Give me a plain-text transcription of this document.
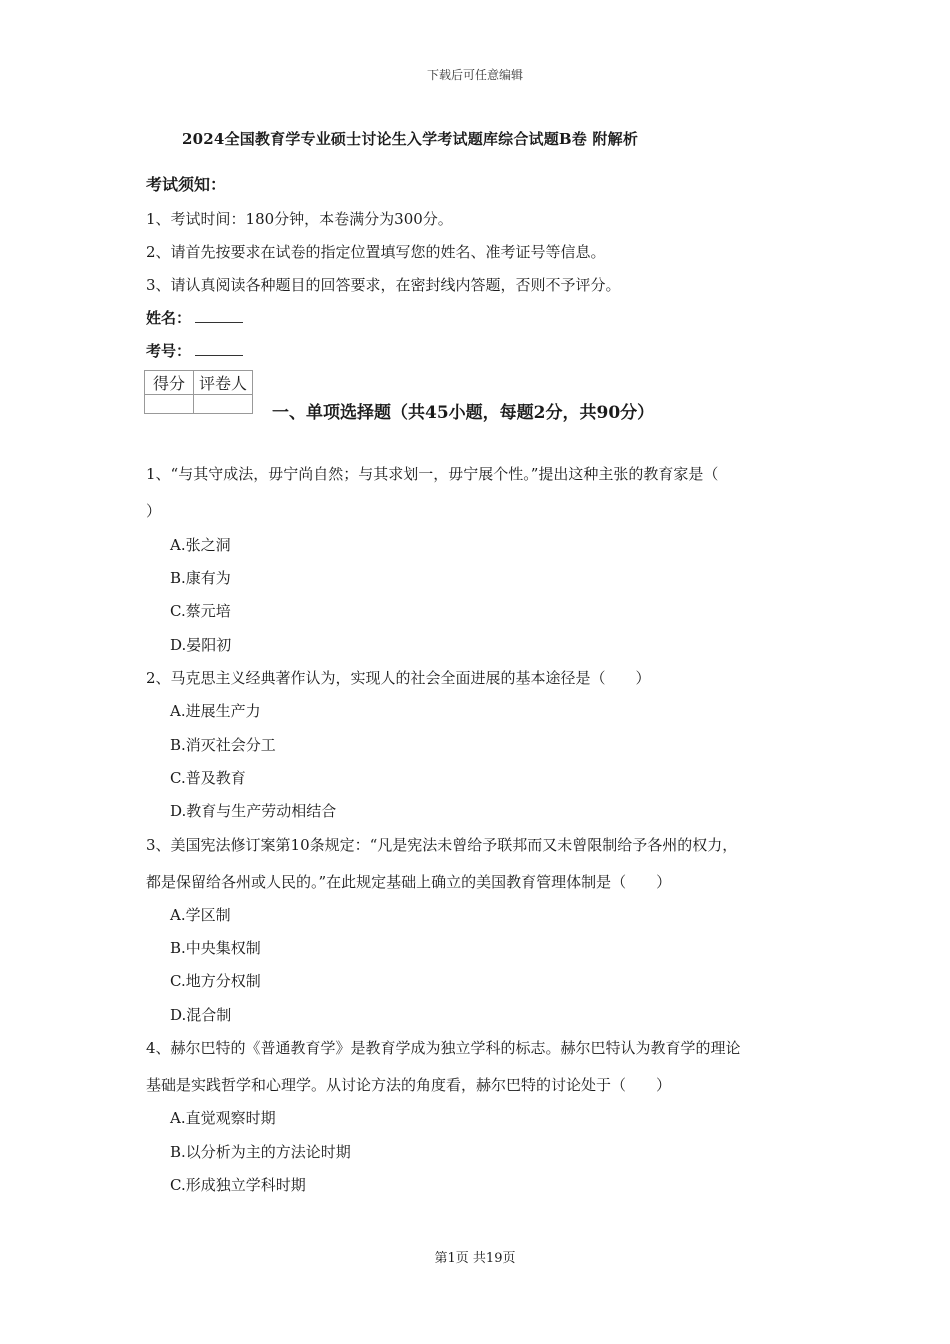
下载后可任意编辑
2024全国教育学专业硕士讨论生入学考试题库综合试题B卷 附解析
考试须知：
1、考试时间：180分钟，本卷满分为300分。
2、请首先按要求在试卷的指定位置填写您的姓名、准考证号等信息。
3、请认真阅读各种题目的回答要求，在密封线内答题，否则不予评分。
姓名：
考号：
得分	评卷人

一、单项选择题（共45小题，每题2分，共90分）
1、“与其守成法，毋宁尚自然；与其求划一，毋宁展个性。”提出这种主张的教育家是（
）
A.张之洞
B.康有为
C.蔡元培
D.晏阳初
2、马克思主义经典著作认为，实现人的社会全面进展的基本途径是（　　）
A.进展生产力
B.消灭社会分工
C.普及教育
D.教育与生产劳动相结合
3、美国宪法修订案第10条规定：“凡是宪法未曾给予联邦而又未曾限制给予各州的权力，
都是保留给各州或人民的。”在此规定基础上确立的美国教育管理体制是（　　）
A.学区制
B.中央集权制
C.地方分权制
D.混合制
4、赫尔巴特的《普通教育学》是教育学成为独立学科的标志。赫尔巴特认为教育学的理论
基础是实践哲学和心理学。从讨论方法的角度看，赫尔巴特的讨论处于（　　）
A.直觉观察时期
B.以分析为主的方法论时期
C.形成独立学科时期
第1页 共19页
